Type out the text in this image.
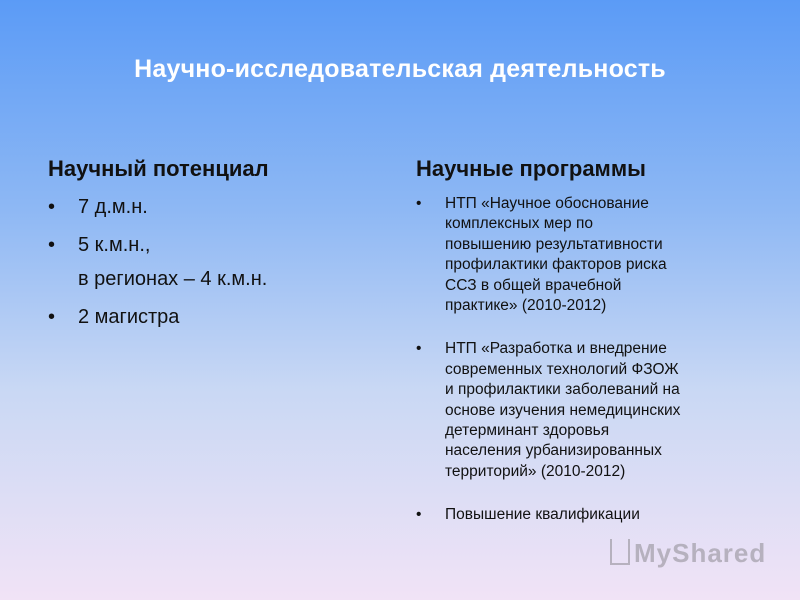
Научно-исследовательская деятельность
Научный потенциал
• 7 д.м.н.
• 5 к.м.н.,
в регионах – 4 к.м.н.
• 2 магистра
Научные программы
• НТП «Научное обоснование
комплексных мер по
повышению результативности
профилактики факторов риска
ССЗ в общей врачебной
практике» (2010-2012)
• НТП «Разработка и внедрение
современных технологий ФЗОЖ
и профилактики заболеваний на
основе изучения немедицинских
детерминант здоровья
населения урбанизированных
территорий» (2010-2012)
• Повышение квалификации
MyShared
